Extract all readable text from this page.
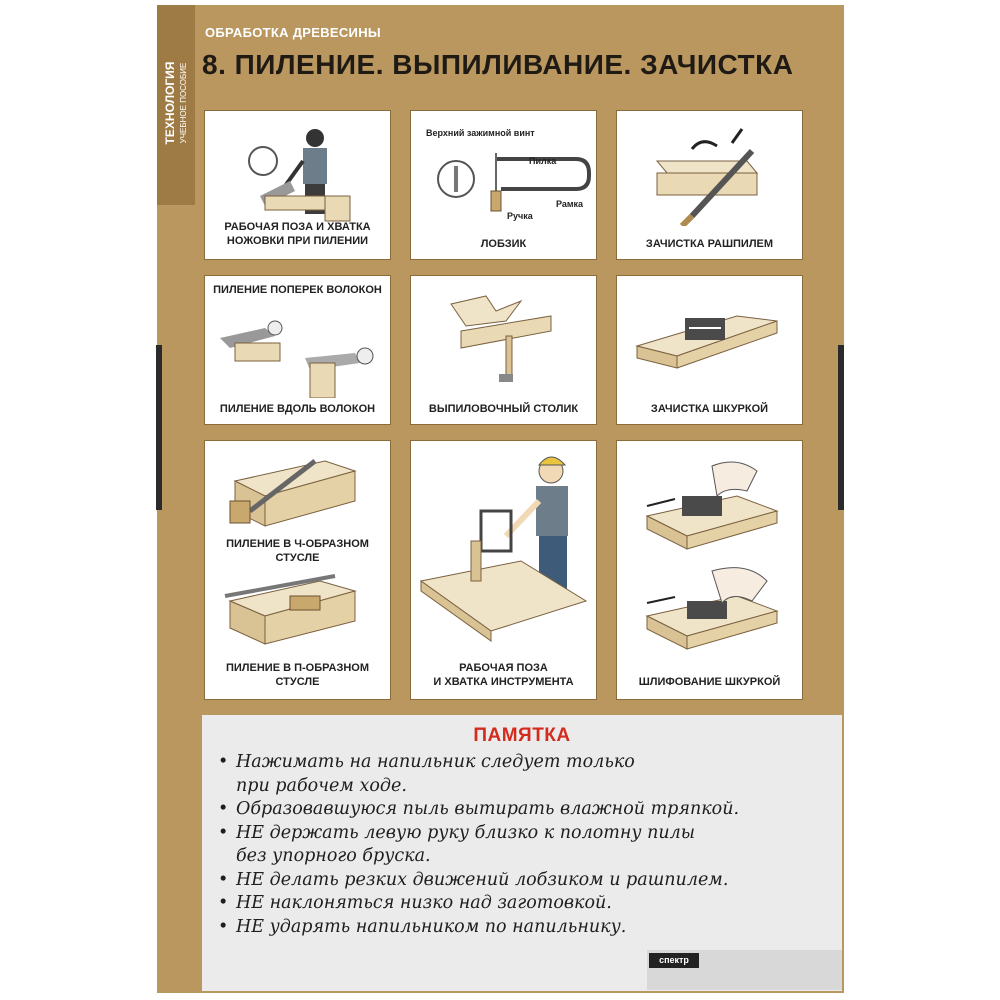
ТЕХНОЛОГИЯ УЧЕБНОЕ ПОСОБИЕ
ОБРАБОТКА ДРЕВЕСИНЫ
8. ПИЛЕНИЕ. ВЫПИЛИВАНИЕ. ЗАЧИСТКА
РАБОЧАЯ ПОЗА И ХВАТКА
НОЖОВКИ ПРИ ПИЛЕНИИ
Верхний зажимной винт
Пилка
Рамка
Ручка
ЛОБЗИК	ЗАЧИСТКА РАШПИЛЕМ
ПИЛЕНИЕ ПОПЕРЕК ВОЛОКОН
ПИЛЕНИЕ ВДОЛЬ ВОЛОКОН	ВЫПИЛОВОЧНЫЙ СТОЛИК	ЗАЧИСТКА ШКУРКОЙ
ПИЛЕНИЕ В Ч-ОБРАЗНОМ
СТУСЛЕ
ПИЛЕНИЕ В П-ОБРАЗНОМ
СТУСЛЕ
РАБОЧАЯ ПОЗА
И ХВАТКА ИНСТРУМЕНТА	ШЛИФОВАНИЕ ШКУРКОЙ
ПАМЯТКА
• Нажимать на напильник следует только
при рабочем ходе.
• Образовавшуюся пыль вытирать влажной тряпкой.
• НЕ держать левую руку близко к полотну пилы
без упорного бруска.
• НЕ делать резких движений лобзиком и рашпилем.
• НЕ наклоняться низко над заготовкой.
• НЕ ударять напильником по напильнику.
спектр
